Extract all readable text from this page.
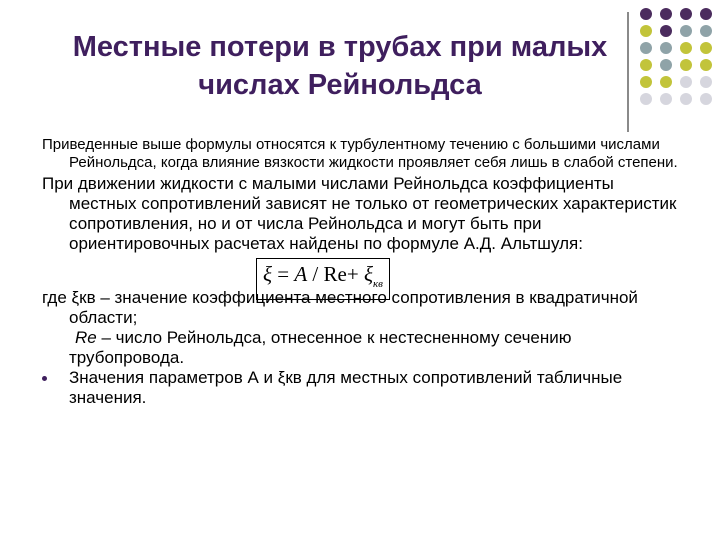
Местные потери в трубах при малых числах Рейнольдса

Приведенные выше формулы относятся к турбулентному течению с большими числами Рейнольдса, когда влияние вязкости жидкости проявляет себя лишь в слабой степени.

При движении жидкости с малыми числами Рейнольдса коэффициенты местных сопротивлений зависят не только от геометрических характеристик сопротивления, но и от числа Рейнольдса и могут быть при ориентировочных расчетах найдены по формуле А.Д. Альтшуля:

$\xi = A / Re+ \xi_{кв}$

где ξкв – значение коэффициента местного сопротивления в квадратичной области;

Re – число Рейнольдса, отнесенное к нестесненному сечению трубопровода.

Значения параметров А и ξкв для местных сопротивлений табличные значения.
